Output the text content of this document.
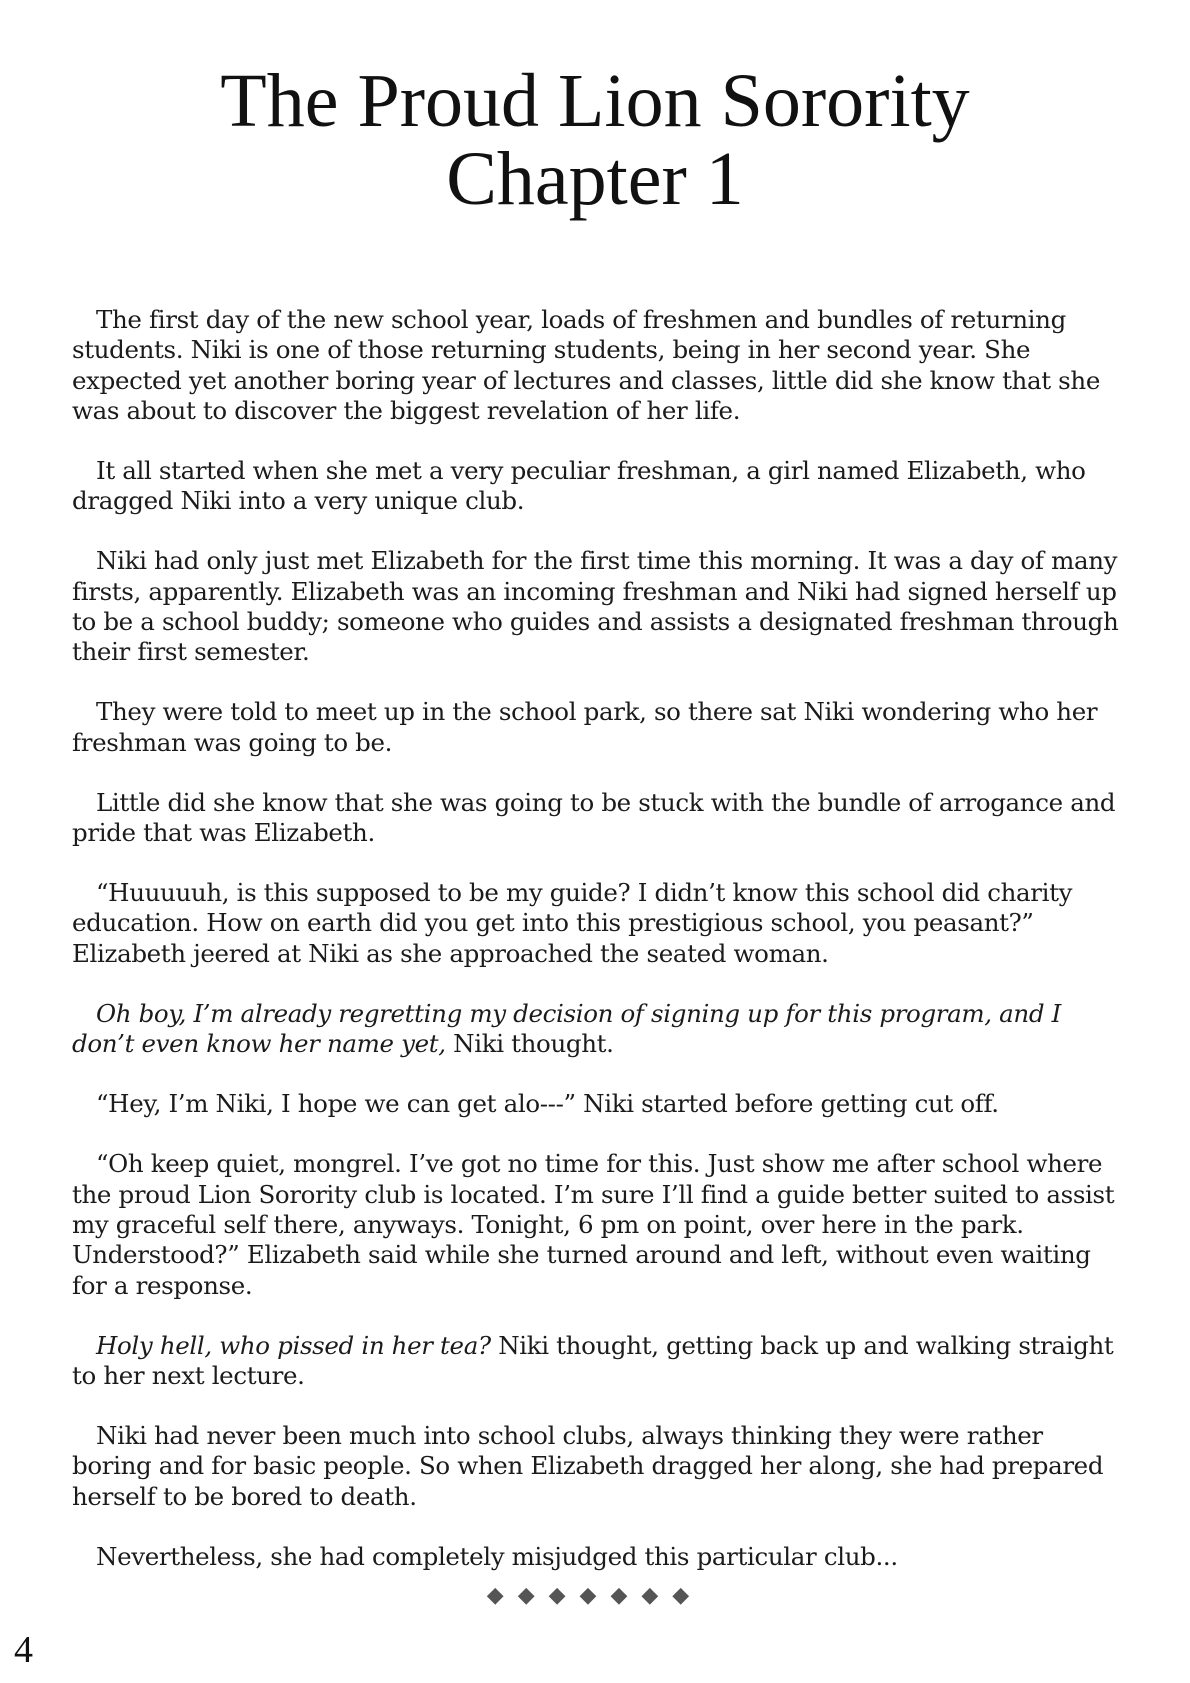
The Proud Lion Sorority
Chapter 1

The first day of the new school year, loads of freshmen and bundles of returning students. Niki is one of those returning students, being in her second year. She expected yet another boring year of lectures and classes, little did she know that she was about to discover the biggest revelation of her life.

It all started when she met a very peculiar freshman, a girl named Elizabeth, who dragged Niki into a very unique club.

Niki had only just met Elizabeth for the first time this morning. It was a day of many firsts, apparently. Elizabeth was an incoming freshman and Niki had signed herself up to be a school buddy; someone who guides and assists a designated freshman through their first semester.

They were told to meet up in the school park, so there sat Niki wondering who her freshman was going to be.

Little did she know that she was going to be stuck with the bundle of arrogance and pride that was Elizabeth.

“Huuuuuh, is this supposed to be my guide? I didn’t know this school did charity education. How on earth did you get into this prestigious school, you peasant?” Elizabeth jeered at Niki as she approached the seated woman.

Oh boy, I’m already regretting my decision of signing up for this program, and I don’t even know her name yet, Niki thought.

“Hey, I’m Niki, I hope we can get alo---” Niki started before getting cut off.

“Oh keep quiet, mongrel. I’ve got no time for this. Just show me after school where the proud Lion Sorority club is located. I’m sure I’ll find a guide better suited to assist my graceful self there, anyways. Tonight, 6 pm on point, over here in the park. Understood?” Elizabeth said while she turned around and left, without even waiting for a response.

Holy hell, who pissed in her tea? Niki thought, getting back up and walking straight to her next lecture.

Niki had never been much into school clubs, always thinking they were rather boring and for basic people. So when Elizabeth dragged her along, she had prepared herself to be bored to death.

Nevertheless, she had completely misjudged this particular club...

◆◆◆◆◆◆◆
4
